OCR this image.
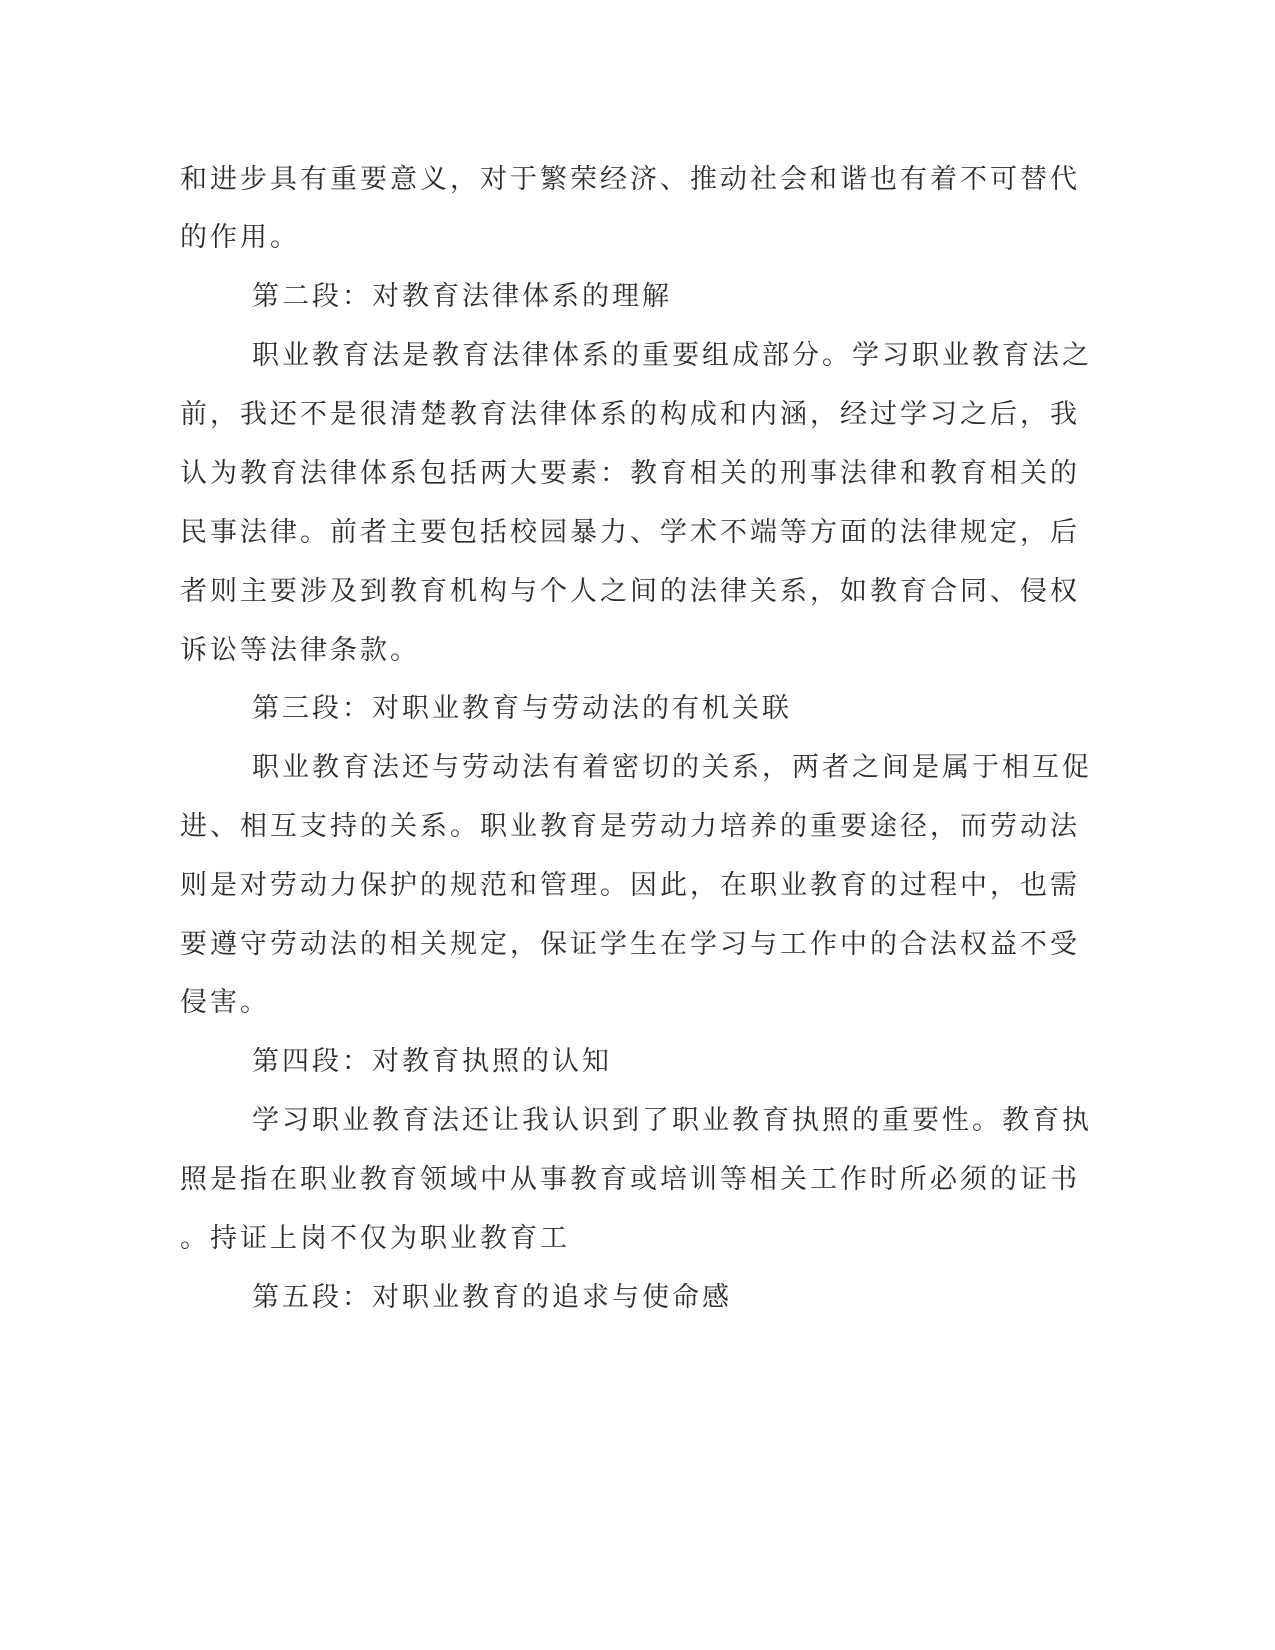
和进步具有重要意义，对于繁荣经济、推动社会和谐也有着不可替代
的作用。
第二段：对教育法律体系的理解
职业教育法是教育法律体系的重要组成部分。学习职业教育法之
前，我还不是很清楚教育法律体系的构成和内涵，经过学习之后，我
认为教育法律体系包括两大要素：教育相关的刑事法律和教育相关的
民事法律。前者主要包括校园暴力、学术不端等方面的法律规定，后
者则主要涉及到教育机构与个人之间的法律关系，如教育合同、侵权
诉讼等法律条款。
第三段：对职业教育与劳动法的有机关联
职业教育法还与劳动法有着密切的关系，两者之间是属于相互促
进、相互支持的关系。职业教育是劳动力培养的重要途径，而劳动法
则是对劳动力保护的规范和管理。因此，在职业教育的过程中，也需
要遵守劳动法的相关规定，保证学生在学习与工作中的合法权益不受
侵害。
第四段：对教育执照的认知
学习职业教育法还让我认识到了职业教育执照的重要性。教育执
照是指在职业教育领域中从事教育或培训等相关工作时所必须的证书
。持证上岗不仅为职业教育工
第五段：对职业教育的追求与使命感
